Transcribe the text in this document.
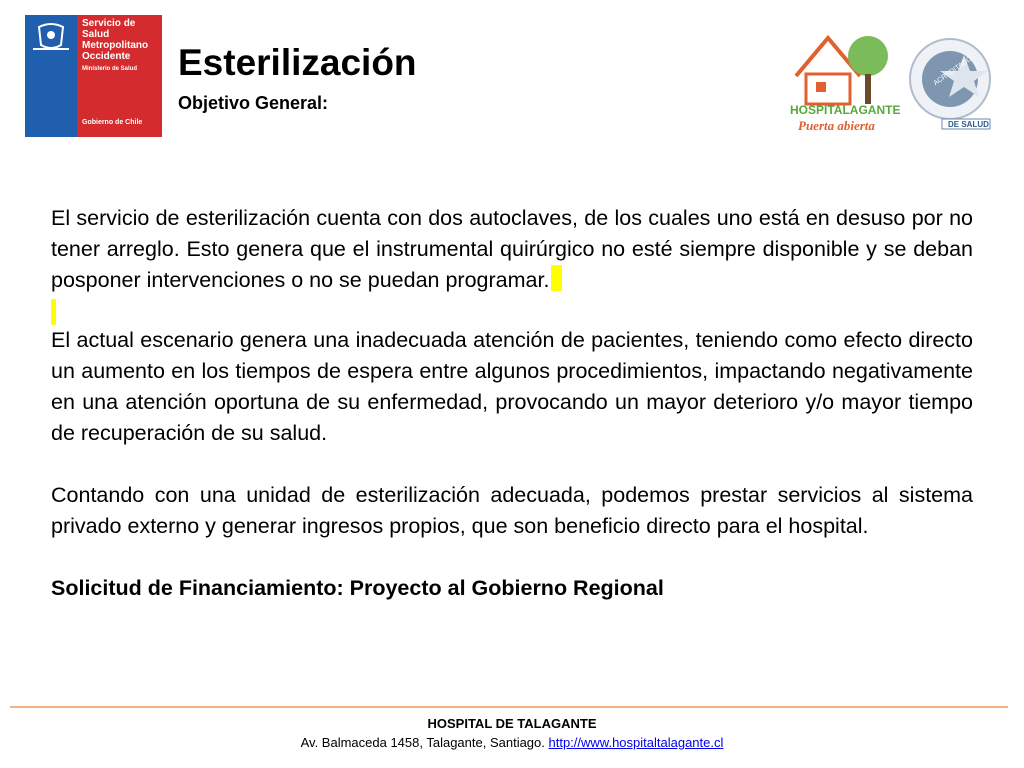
Servicio de Salud Metropolitano Occidente
Ministerio de Salud
Gobierno de Chile
Esterilización
Objetivo General:	HOSPITALAGANTE
Puerta abierta
ACREDITADO
DE SALUD

El servicio de esterilización cuenta con dos autoclaves, de los cuales uno está en desuso por no tener arreglo. Esto genera que el instrumental quirúrgico no esté siempre disponible y se deban posponer intervenciones o no se puedan programar.

El actual escenario genera una inadecuada atención de pacientes, teniendo como efecto directo un aumento en los tiempos de espera entre algunos procedimientos, impactando negativamente en una atención oportuna de su enfermedad, provocando un mayor deterioro y/o mayor tiempo de recuperación de su salud.

Contando con una unidad de esterilización adecuada, podemos prestar servicios al sistema privado externo y generar ingresos propios, que son beneficio directo para el hospital.

Solicitud de Financiamiento: Proyecto al Gobierno Regional

HOSPITAL DE TALAGANTE
Av. Balmaceda 1458, Talagante, Santiago. http://www.hospitaltalagante.cl
